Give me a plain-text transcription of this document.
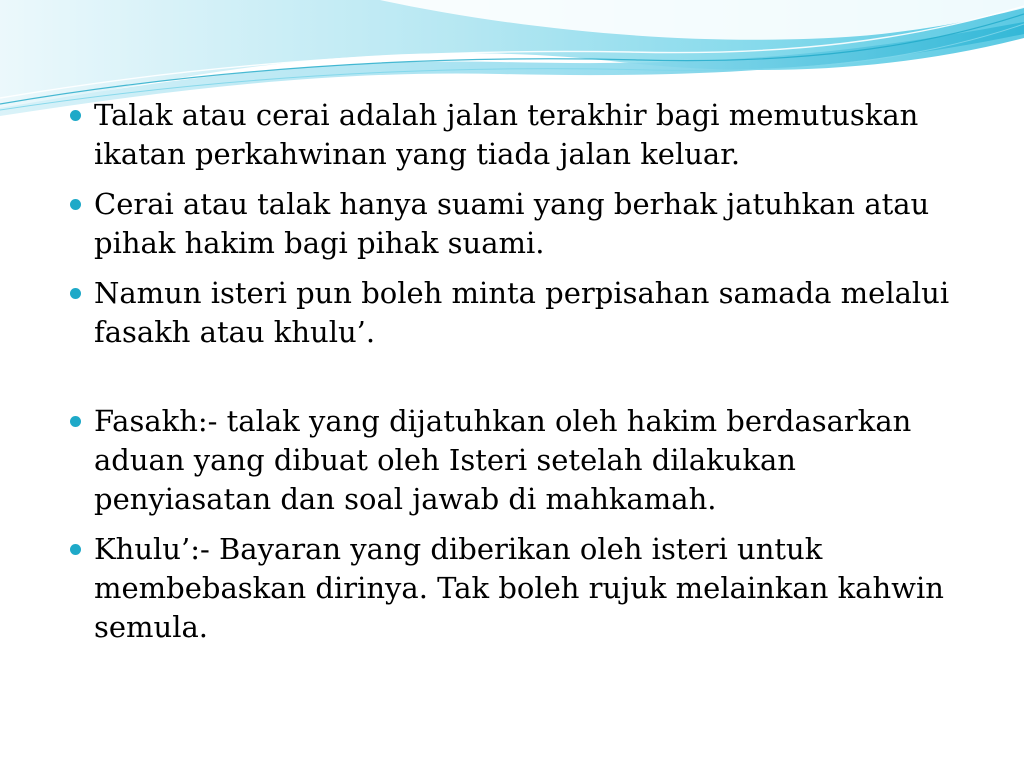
Talak atau cerai adalah jalan terakhir bagi memutuskan ikatan perkahwinan yang tiada jalan keluar.
Cerai atau talak hanya suami yang berhak jatuhkan atau pihak hakim bagi pihak suami.
Namun isteri pun boleh minta perpisahan samada melalui fasakh atau khulu’.
Fasakh:- talak yang dijatuhkan oleh hakim berdasarkan aduan yang dibuat oleh Isteri setelah dilakukan penyiasatan dan soal jawab di mahkamah.
Khulu’:- Bayaran yang diberikan oleh isteri untuk membebaskan dirinya. Tak boleh rujuk melainkan kahwin semula.
